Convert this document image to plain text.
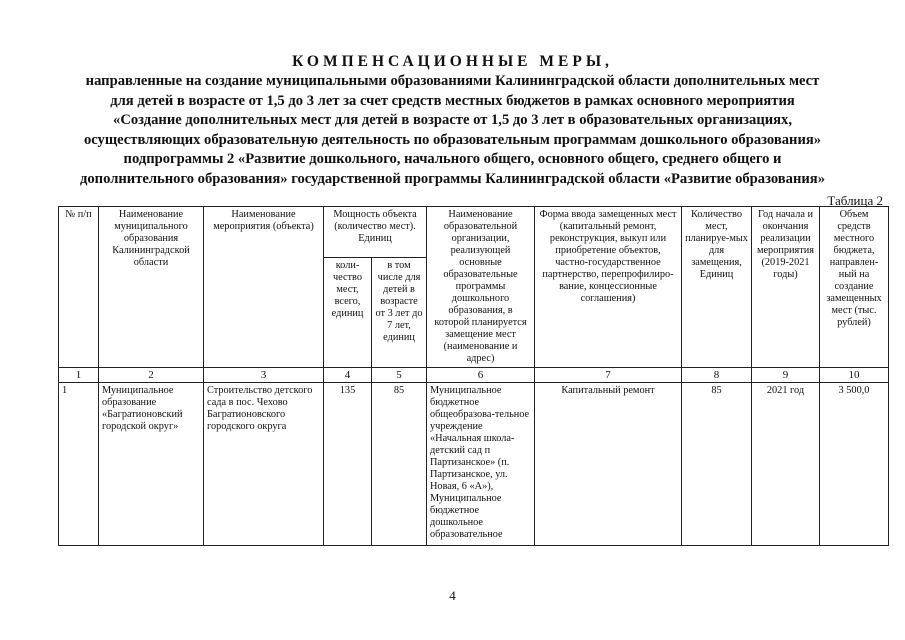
КОМПЕНСАЦИОННЫЕ МЕРЫ,
направленные на создание муниципальными образованиями Калининградской области дополнительных мест
для детей в возрасте от 1,5 до 3 лет за счет средств местных бюджетов в рамках основного мероприятия
«Создание дополнительных мест для детей в возрасте от 1,5 до 3 лет в образовательных организациях,
осуществляющих образовательную деятельность по образовательным программам дошкольного образования»
подпрограммы 2 «Развитие дошкольного, начального общего, основного общего, среднего общего и
дополнительного образования» государственной программы Калининградской области «Развитие образования»
Таблица 2
№ п/п	Наименование муниципального образования Калининградской области	Наименование мероприятия (объекта)	Мощность объекта (количество мест). Единиц		Наименование образовательной организации, реализующей основные образовательные программы дошкольного образования, в которой планируется замещение мест (наименование и адрес)	Форма ввода замещенных мест (капитальный ремонт, реконструкция, выкуп или приобретение объектов, частно-государственное партнерство, перепрофилиро-вание, концессионные соглашения)	Количество мест, планируе-мых для замещения, Единиц	Год начала и окончания реализации мероприятия (2019-2021 годы)	Объем средств местного бюджета, направлен-ный на создание замещенных мест (тыс. рублей)
			коли-чество мест, всего, единиц	в том числе для детей в возрасте от 3 лет до 7 лет, единиц					
1	2	3	4	5	6	7	8	9	10
1	Муниципальное образование «Багратионовский городской округ»	Строительство детского сада в пос. Чехово Багратионовского городского округа	135	85	Муниципальное бюджетное общеобразова-тельное учреждение «Начальная школа-детский сад п Партизанское» (п. Партизанское, ул. Новая, 6 «А»), Муниципальное бюджетное дошкольное образовательное	Капитальный ремонт	85	2021 год	3 500,0
4
